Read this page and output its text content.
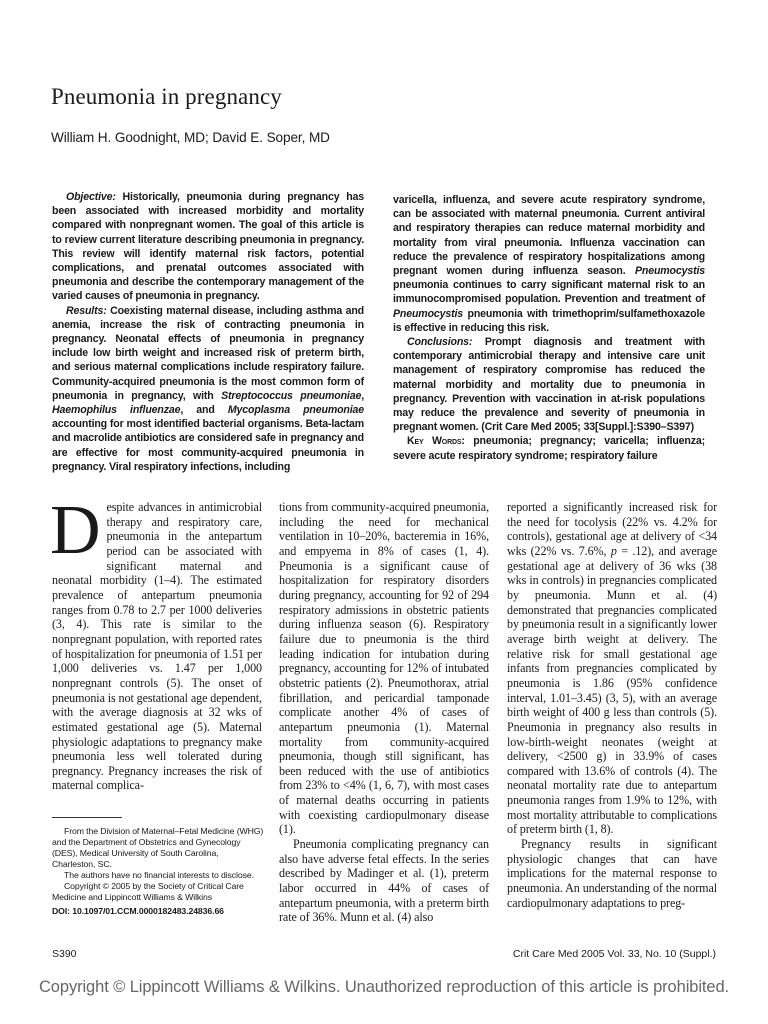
Pneumonia in pregnancy
William H. Goodnight, MD; David E. Soper, MD

Objective: Historically, pneumonia during pregnancy has been associated with increased morbidity and mortality compared with nonpregnant women. The goal of this article is to review current literature describing pneumonia in pregnancy. This review will identify maternal risk factors, potential complications, and prenatal outcomes associated with pneumonia and describe the contemporary management of the varied causes of pneumonia in pregnancy.

Results: Coexisting maternal disease, including asthma and anemia, increase the risk of contracting pneumonia in pregnancy. Neonatal effects of pneumonia in pregnancy include low birth weight and increased risk of preterm birth, and serious maternal complications include respiratory failure. Community-acquired pneumonia is the most common form of pneumonia in pregnancy, with Streptococcus pneumoniae, Haemophilus influenzae, and Mycoplasma pneumoniae accounting for most identified bacterial organisms. Beta-lactam and macrolide antibiotics are considered safe in pregnancy and are effective for most community-acquired pneumonia in pregnancy. Viral respiratory infections, including

varicella, influenza, and severe acute respiratory syndrome, can be associated with maternal pneumonia. Current antiviral and respiratory therapies can reduce maternal morbidity and mortality from viral pneumonia. Influenza vaccination can reduce the prevalence of respiratory hospitalizations among pregnant women during influenza season. Pneumocystis pneumonia continues to carry significant maternal risk to an immunocompromised population. Prevention and treatment of Pneumocystis pneumonia with trimethoprim/sulfamethoxazole is effective in reducing this risk.

Conclusions: Prompt diagnosis and treatment with contemporary antimicrobial therapy and intensive care unit management of respiratory compromise has reduced the maternal morbidity and mortality due to pneumonia in pregnancy. Prevention with vaccination in at-risk populations may reduce the prevalence and severity of pneumonia in pregnant women. (Crit Care Med 2005; 33[Suppl.]:S390–S397)

Key Words: pneumonia; pregnancy; varicella; influenza; severe acute respiratory syndrome; respiratory failure

Despite advances in antimicrobial therapy and respiratory care, pneumonia in the antepartum period can be associated with significant maternal and neonatal morbidity (1–4). The estimated prevalence of antepartum pneumonia ranges from 0.78 to 2.7 per 1000 deliveries (3, 4). This rate is similar to the nonpregnant population, with reported rates of hospitalization for pneumonia of 1.51 per 1,000 deliveries vs. 1.47 per 1,000 nonpregnant controls (5). The onset of pneumonia is not gestational age dependent, with the average diagnosis at 32 wks of estimated gestational age (5). Maternal physiologic adaptations to pregnancy make pneumonia less well tolerated during pregnancy. Pregnancy increases the risk of maternal complica-

tions from community-acquired pneumonia, including the need for mechanical ventilation in 10–20%, bacteremia in 16%, and empyema in 8% of cases (1, 4). Pneumonia is a significant cause of hospitalization for respiratory disorders during pregnancy, accounting for 92 of 294 respiratory admissions in obstetric patients during influenza season (6). Respiratory failure due to pneumonia is the third leading indication for intubation during pregnancy, accounting for 12% of intubated obstetric patients (2). Pneumothorax, atrial fibrillation, and pericardial tamponade complicate another 4% of cases of antepartum pneumonia (1). Maternal mortality from community-acquired pneumonia, though still significant, has been reduced with the use of antibiotics from 23% to <4% (1, 6, 7), with most cases of maternal deaths occurring in patients with coexisting cardiopulmonary disease (1).

Pneumonia complicating pregnancy can also have adverse fetal effects. In the series described by Madinger et al. (1), preterm labor occurred in 44% of cases of antepartum pneumonia, with a preterm birth rate of 36%. Munn et al. (4) also

reported a significantly increased risk for the need for tocolysis (22% vs. 4.2% for controls), gestational age at delivery of <34 wks (22% vs. 7.6%, p = .12), and average gestational age at delivery of 36 wks (38 wks in controls) in pregnancies complicated by pneumonia. Munn et al. (4) demonstrated that pregnancies complicated by pneumonia result in a significantly lower average birth weight at delivery. The relative risk for small gestational age infants from pregnancies complicated by pneumonia is 1.86 (95% confidence interval, 1.01–3.45) (3, 5), with an average birth weight of 400 g less than controls (5). Pneumonia in pregnancy also results in low-birth-weight neonates (weight at delivery, <2500 g) in 33.9% of cases compared with 13.6% of controls (4). The neonatal mortality rate due to antepartum pneumonia ranges from 1.9% to 12%, with most mortality attributable to complications of preterm birth (1, 8).

Pregnancy results in significant physiologic changes that can have implications for the maternal response to pneumonia. An understanding of the normal cardiopulmonary adaptations to preg-

From the Division of Maternal–Fetal Medicine (WHG) and the Department of Obstetrics and Gynecology (DES), Medical University of South Carolina, Charleston, SC.

The authors have no financial interests to disclose.

Copyright © 2005 by the Society of Critical Care Medicine and Lippincott Williams & Wilkins

DOI: 10.1097/01.CCM.0000182483.24836.66
S390	Crit Care Med 2005 Vol. 33, No. 10 (Suppl.)
Copyright © Lippincott Williams & Wilkins. Unauthorized reproduction of this article is prohibited.
